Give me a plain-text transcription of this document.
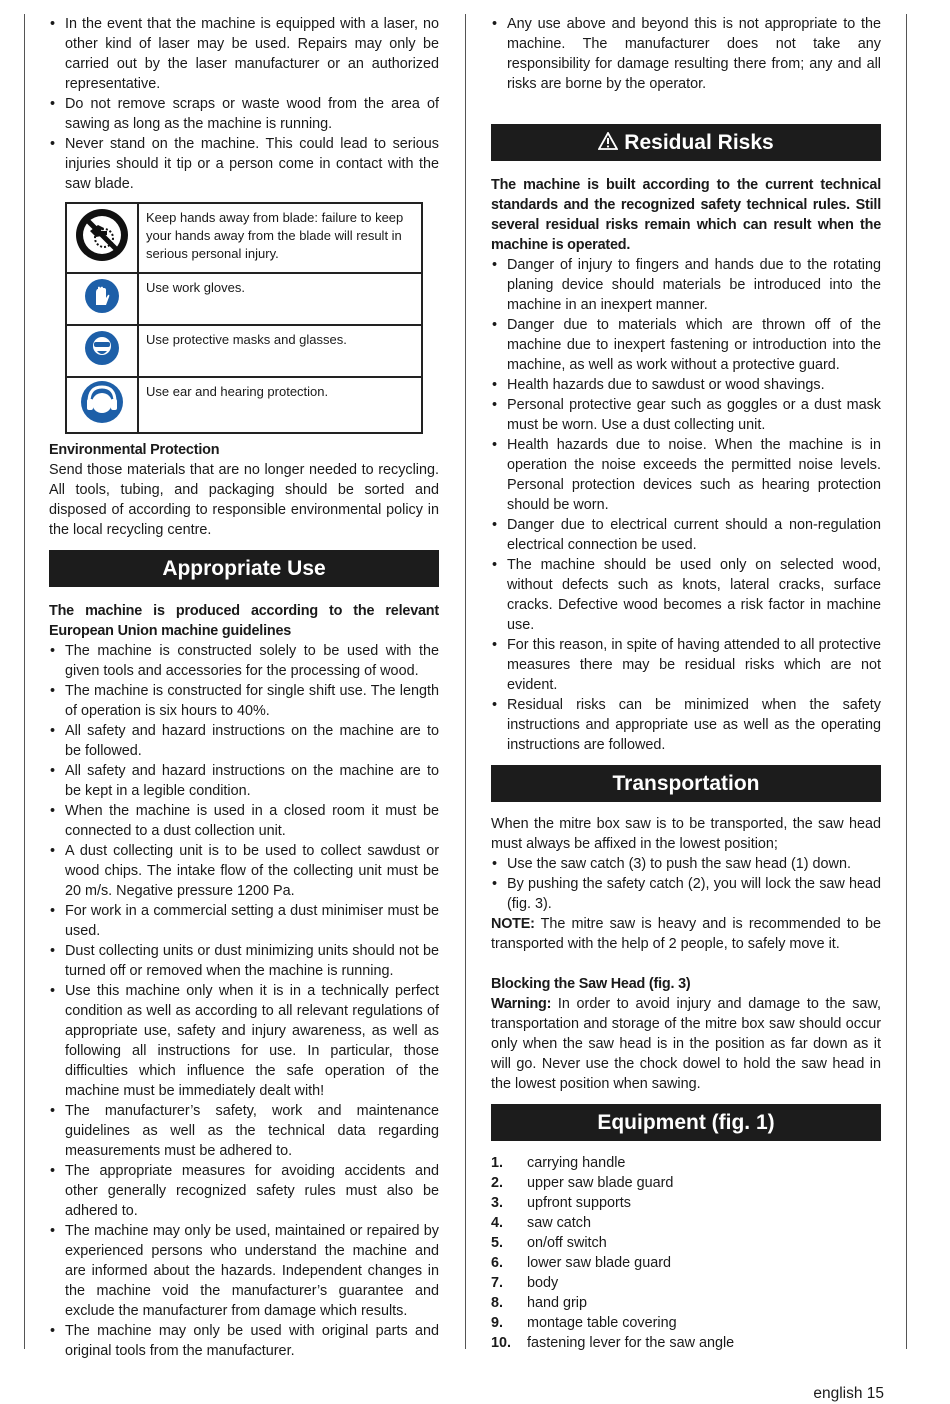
• In the event that the machine is equipped with a laser, no other kind of laser may be used. Repairs may only be carried out by the laser manufacturer or an authorized representative.
• Do not remove scraps or waste wood from the area of sawing as long as the machine is running.
• Never stand on the machine. This could lead to serious injuries should it tip or a person come in contact with the saw blade.
	Keep hands away from blade: failure to keep your hands away from the blade will result in serious personal injury.
	Use work gloves.
	Use protective masks and glasses.
	Use ear and hearing protection.
Environmental Protection

Send those materials that are no longer needed to recycling. All tools, tubing, and packaging should be sorted and disposed of according to responsible environmental policy in the local recycling centre.

Appropriate Use

The machine is produced according to the relevant European Union machine guidelines

• The machine is constructed solely to be used with the given tools and accessories for the processing of wood.
• The machine is constructed for single shift use. The length of operation is six hours to 40%.
• All safety and hazard instructions on the machine are to be followed.
• All safety and hazard instructions on the machine are to be kept in a legible condition.
• When the machine is used in a closed room it must be connected to a dust collection unit.
• A dust collecting unit is to be used to collect sawdust or wood chips. The intake flow of the collecting unit must be 20 m/s. Negative pressure 1200 Pa.
• For work in a commercial setting a dust minimiser must be used.
• Dust collecting units or dust minimizing units should not be turned off or removed when the machine is running.
• Use this machine only when it is in a technically perfect condition as well as according to all relevant regulations of appropriate use, safety and injury awareness, as well as following all instructions for use. In particular, those difficulties which influence the safe operation of the machine must be immediately dealt with!
• The manufacturer’s safety, work and maintenance guidelines as well as the technical data regarding measurements must be adhered to.
• The appropriate measures for avoiding accidents and other generally recognized safety rules must also be adhered to.
• The machine may only be used, maintained or repaired by experienced persons who understand the machine and are informed about the hazards. Independent changes in the machine void the manufacturer’s guarantee and exclude the manufacturer from damage which results.
• The machine may only be used with original parts and original tools from the manufacturer.
• Any use above and beyond this is not appropriate to the machine. The manufacturer does not take any responsibility for damage resulting there from; any and all risks are borne by the operator.
Residual Risks

The machine is built according to the current technical standards and the recognized safety technical rules. Still several residual risks remain which can result when the machine is operated.

• Danger of injury to fingers and hands due to the rotating planing device should materials be introduced into the machine in an inexpert manner.
• Danger due to materials which are thrown off of the machine due to inexpert fastening or introduction into the machine, as well as work without a protective guard.
• Health hazards due to sawdust or wood shavings.
• Personal protective gear such as goggles or a dust mask must be worn. Use a dust collecting unit.
• Health hazards due to noise. When the machine is in operation the noise exceeds the permitted noise levels. Personal protection devices such as hearing protection should be worn.
• Danger due to electrical current should a non-regulation electrical connection be used.
• The machine should be used only on selected wood, without defects such as knots, lateral cracks, surface cracks. Defective wood becomes a risk factor in machine use.
• For this reason, in spite of having attended to all protective measures there may be residual risks which are not evident.
• Residual risks can be minimized when the safety instructions and appropriate use as well as the operating instructions are followed.
Transportation

When the mitre box saw is to be transported, the saw head must always be affixed in the lowest position;

• Use the saw catch (3) to push the saw head (1) down.
• By pushing the safety catch (2), you will lock the saw head (fig. 3).

NOTE: The mitre saw is heavy and is recommended to be transported with the help of 2 people, to safely move it.

Blocking the Saw Head (fig. 3)

Warning: In order to avoid injury and damage to the saw, transportation and storage of the mitre box saw should occur only when the saw head is in the position as far down as it will go. Never use the chock dowel to hold the saw head in the lowest position when sawing.

Equipment (fig. 1)
1.	carrying handle
2.	upper saw blade guard
3.	upfront supports
4.	saw catch
5.	on/off switch
6.	lower saw blade guard
7.	body
8.	hand grip
9.	montage table covering
10.	fastening lever for the saw angle
english 15
